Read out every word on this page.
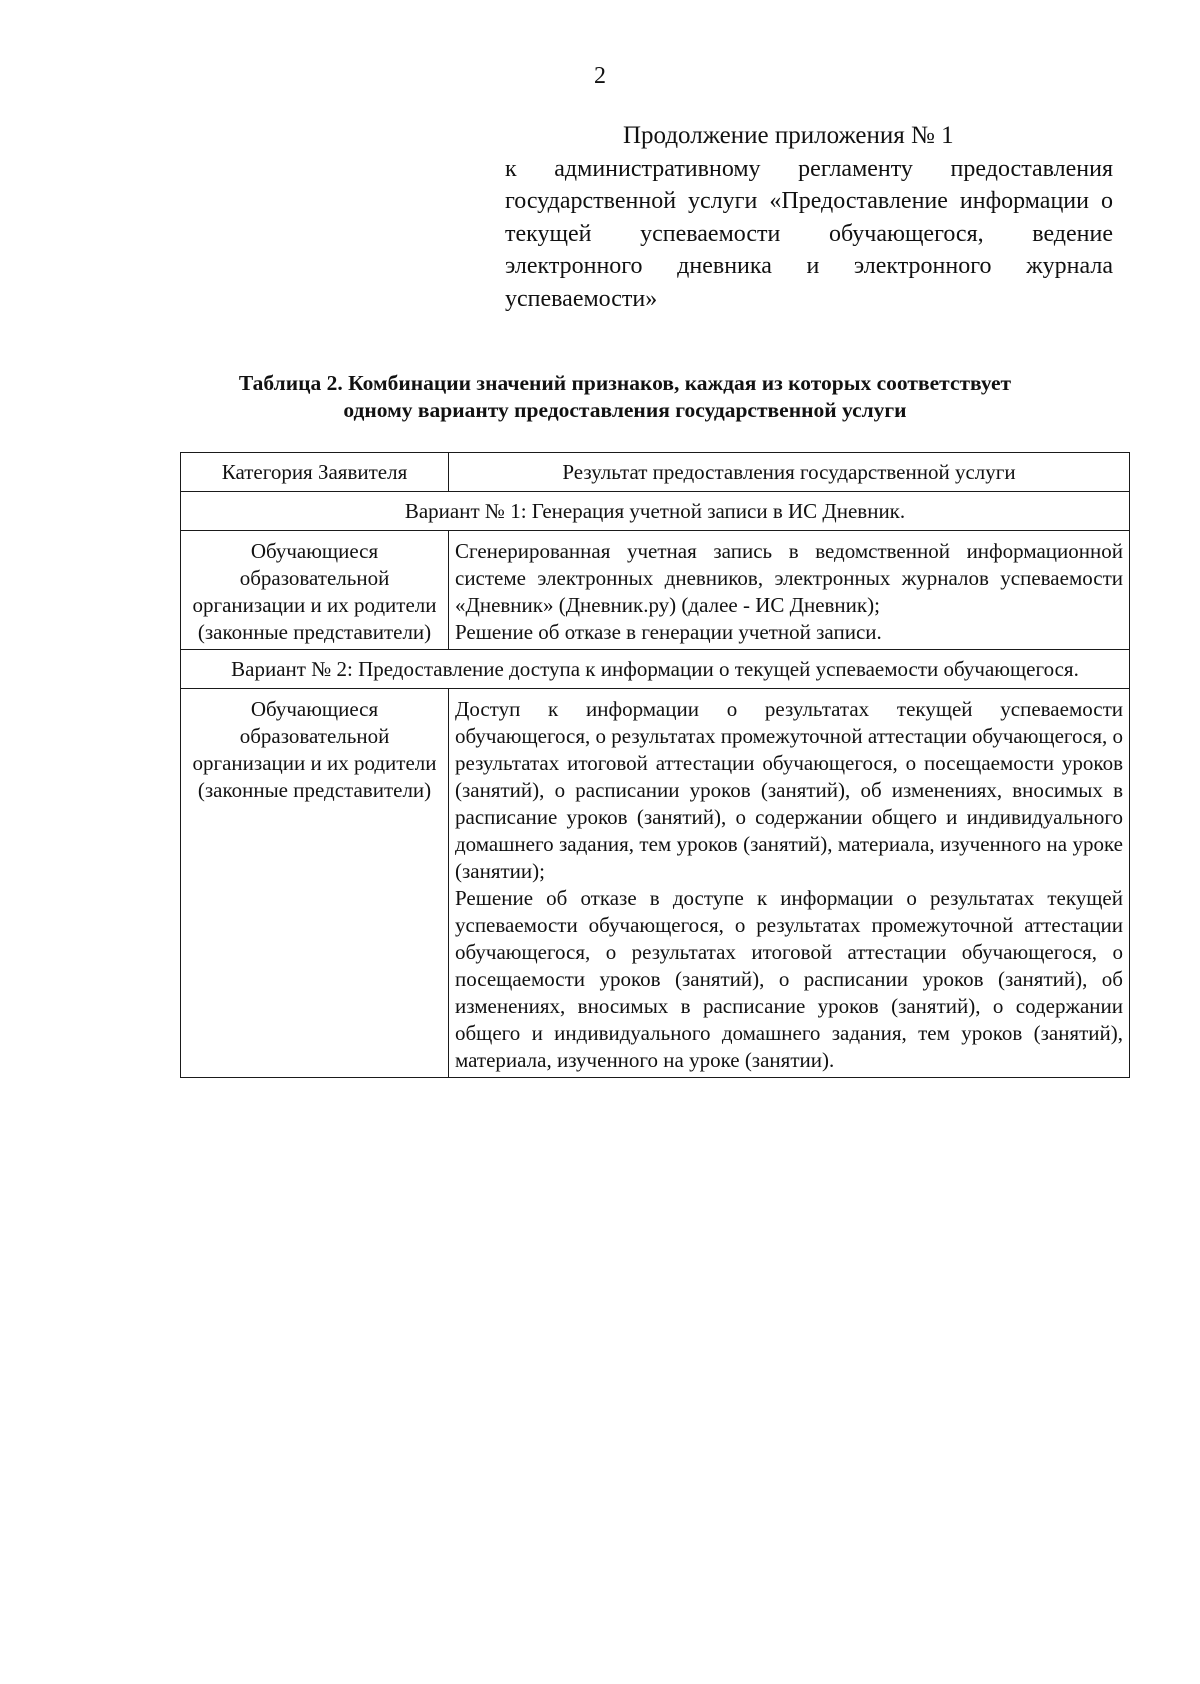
2
Продолжение приложения № 1
к административному регламенту предоставления государственной услуги «Предоставление информации о текущей успеваемости обучающегося, ведение электронного дневника и электронного журнала успеваемости»
Таблица 2. Комбинации значений признаков, каждая из которых соответствует одному варианту предоставления государственной услуги
Категория Заявителя	Результат предоставления государственной услуги
Вариант № 1: Генерация учетной записи в ИС Дневник.	
Обучающиеся образовательной организации и их родители (законные представители)	Сгенерированная учетная запись в ведомственной информационной системе электронных дневников, электронных журналов успеваемости «Дневник» (Дневник.ру) (далее - ИС Дневник);
Решение об отказе в генерации учетной записи.

Вариант № 2: Предоставление доступа к информации о текущей успеваемости обучающегося.	
Обучающиеся образовательной организации и их родители (законные представители)	Доступ к информации о результатах текущей успеваемости обучающегося, о результатах промежуточной аттестации обучающегося, о результатах итоговой аттестации обучающегося, о посещаемости уроков (занятий), о расписании уроков (занятий), об изменениях, вносимых в расписание уроков (занятий), о содержании общего и индивидуального домашнего задания, тем уроков (занятий), материала, изученного на уроке (занятии);
Решение об отказе в доступе к информации о результатах текущей успеваемости обучающегося, о результатах промежуточной аттестации обучающегося, о результатах итоговой аттестации обучающегося, о посещаемости уроков (занятий), о расписании уроков (занятий), об изменениях, вносимых в расписание уроков (занятий), о содержании общего и индивидуального домашнего задания, тем уроков (занятий), материала, изученного на уроке (занятии).
